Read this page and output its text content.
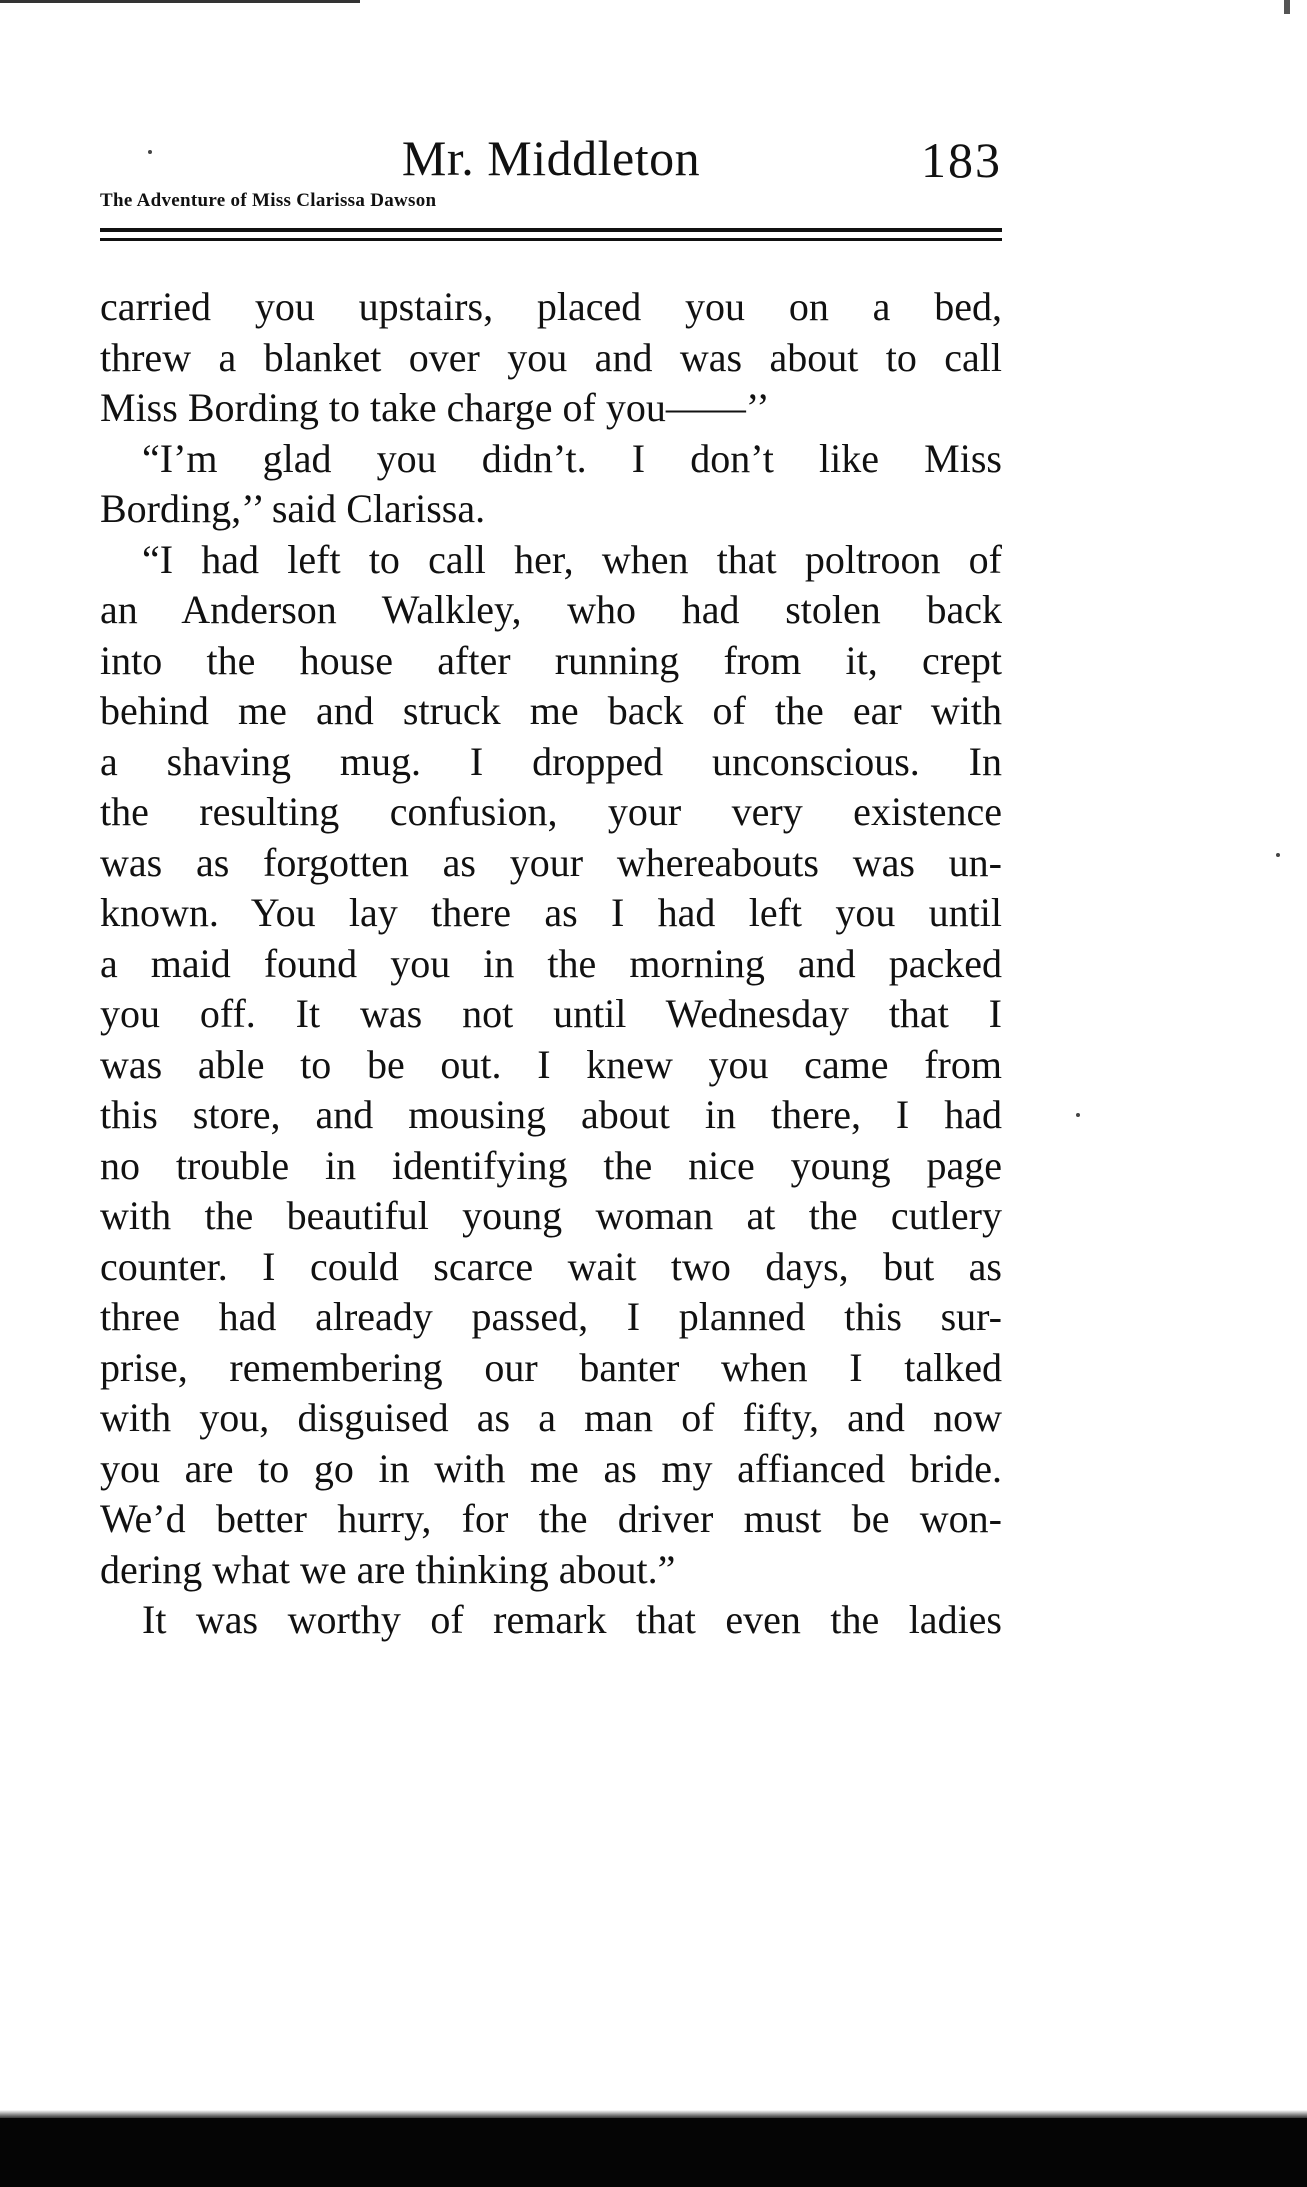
Mr. Middleton	183
The Adventure of Miss Clarissa Dawson
carried you upstairs, placed you on a bed,
threw a blanket over you and was about to call
Miss Bording to take charge of you——’’
“I’m glad you didn’t. I don’t like Miss
Bording,’’ said Clarissa.
“I had left to call her, when that poltroon of
an Anderson Walkley, who had stolen back
into the house after running from it, crept
behind me and struck me back of the ear with
a shaving mug. I dropped unconscious. In
the resulting confusion, your very existence
was as forgotten as your whereabouts was un-
known. You lay there as I had left you until
a maid found you in the morning and packed
you off. It was not until Wednesday that I
was able to be out. I knew you came from
this store, and mousing about in there, I had
no trouble in identifying the nice young page
with the beautiful young woman at the cutlery
counter. I could scarce wait two days, but as
three had already passed, I planned this sur-
prise, remembering our banter when I talked
with you, disguised as a man of fifty, and now
you are to go in with me as my affianced bride.
We’d better hurry, for the driver must be won-
dering what we are thinking about.”
It was worthy of remark that even the ladies
